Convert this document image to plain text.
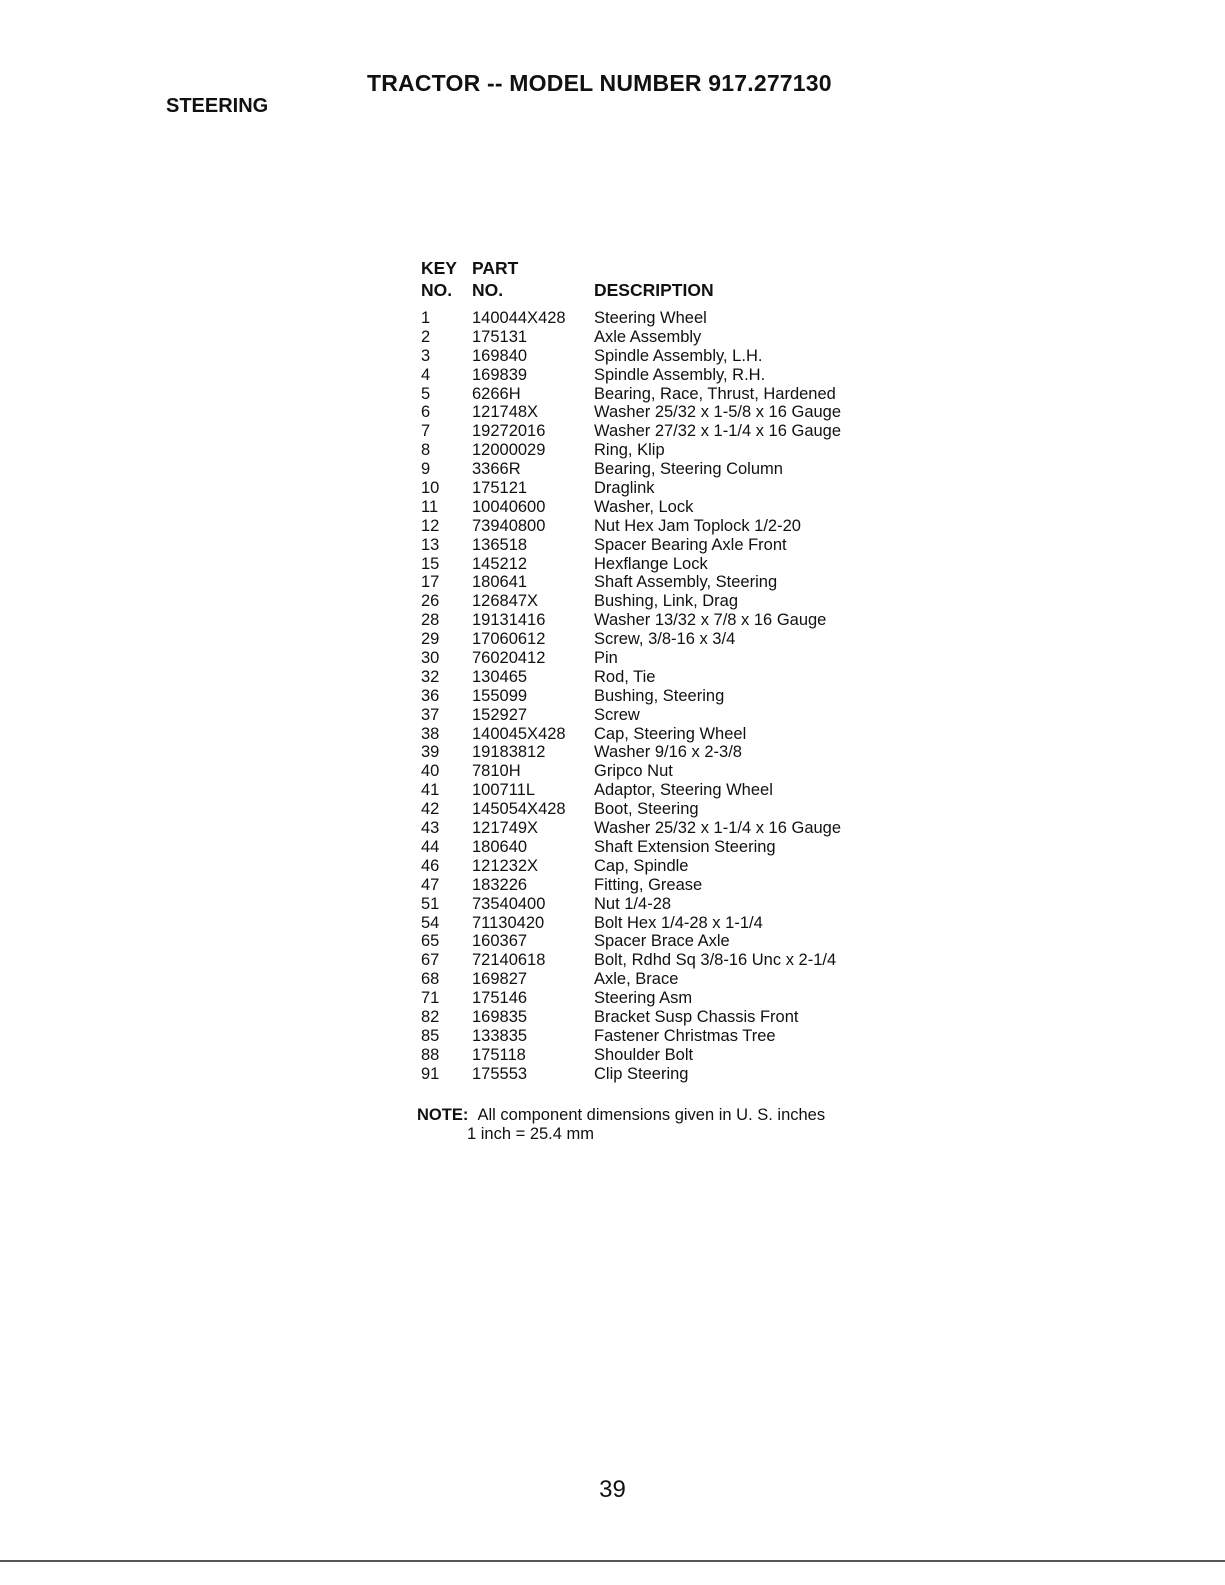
TRACTOR -- MODEL NUMBER 917.277130
STEERING
KEY
NO.
PART
NO.	DESCRIPTION
1	140044X428	Steering Wheel
2	175131	Axle Assembly
3	169840	Spindle Assembly, L.H.
4	169839	Spindle Assembly, R.H.
5	6266H	Bearing, Race, Thrust, Hardened
6	121748X	Washer 25/32 x 1-5/8 x 16 Gauge
7	19272016	Washer 27/32 x 1-1/4 x 16 Gauge
8	12000029	Ring, Klip
9	3366R	Bearing, Steering Column
10	175121	Draglink
11	10040600	Washer, Lock
12	73940800	Nut Hex Jam Toplock 1/2-20
13	136518	Spacer Bearing Axle Front
15	145212	Hexflange Lock
17	180641	Shaft Assembly, Steering
26	126847X	Bushing, Link, Drag
28	19131416	Washer 13/32 x 7/8 x 16 Gauge
29	17060612	Screw, 3/8-16 x 3/4
30	76020412	Pin
32	130465	Rod, Tie
36	155099	Bushing, Steering
37	152927	Screw
38	140045X428	Cap, Steering Wheel
39	19183812	Washer 9/16 x 2-3/8
40	7810H	Gripco Nut
41	100711L	Adaptor, Steering Wheel
42	145054X428	Boot, Steering
43	121749X	Washer 25/32 x 1-1/4 x 16 Gauge
44	180640	Shaft Extension Steering
46	121232X	Cap, Spindle
47	183226	Fitting, Grease
51	73540400	Nut 1/4-28
54	71130420	Bolt Hex 1/4-28 x 1-1/4
65	160367	Spacer Brace Axle
67	72140618	Bolt, Rdhd Sq 3/8-16 Unc x 2-1/4
68	169827	Axle, Brace
71	175146	Steering Asm
82	169835	Bracket Susp Chassis Front
85	133835	Fastener Christmas Tree
88	175118	Shoulder Bolt
91	175553	Clip Steering
NOTE: All component dimensions given in U. S. inches
1 inch = 25.4 mm
39
